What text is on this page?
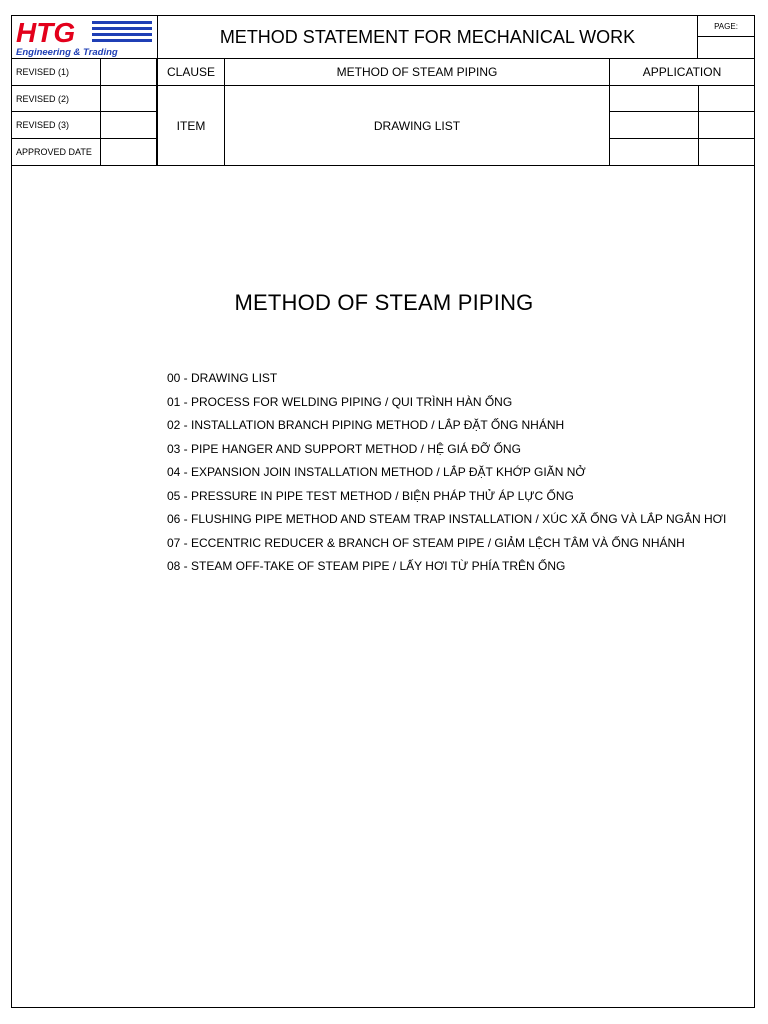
HTG
Engineering & Trading
METHOD STATEMENT FOR MECHANICAL WORK
PAGE:
REVISED (1)
REVISED (2)
REVISED (3)
APPROVED DATE
CLAUSE	METHOD OF STEAM PIPING	APPLICATION
ITEM	DRAWING LIST
METHOD OF STEAM PIPING
00 - DRAWING LIST
01 - PROCESS FOR WELDING PIPING / QUI TRÌNH HÀN ỐNG
02 - INSTALLATION BRANCH PIPING METHOD / LẮP ĐẶT ỐNG NHÁNH
03 - PIPE HANGER AND SUPPORT METHOD / HỆ GIÁ ĐỠ ỐNG
04 - EXPANSION JOIN INSTALLATION METHOD / LẮP ĐẶT KHỚP GIÃN NỞ
05 - PRESSURE IN PIPE TEST METHOD / BIỆN PHÁP THỬ ÁP LỰC ỐNG
06 - FLUSHING PIPE METHOD AND STEAM TRAP INSTALLATION / XÚC XÃ ỐNG VÀ LẮP NGẮN HƠI
07 - ECCENTRIC REDUCER & BRANCH OF STEAM PIPE / GIẢM LỆCH TÂM VÀ ỐNG NHÁNH
08 - STEAM OFF-TAKE OF STEAM PIPE / LẤY HƠI TỪ PHÍA TRÊN ỐNG
